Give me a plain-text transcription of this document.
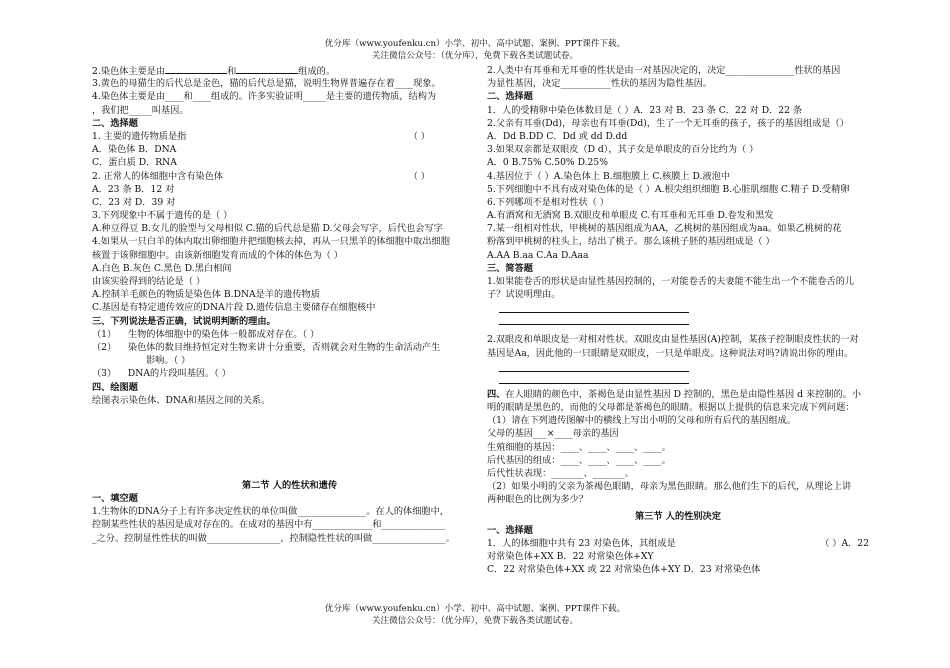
优分库（www.youfenku.cn）小学、初中、高中试题、案例、PPT课件下载。
关注微信公众号：（优分库），免费下载各类试题试卷。

2.染色体主要是由	和	组成的。

3.黄色的母猫生的后代总是金色，猫的后代总是猫，说明生物界普遍存在着____现象。

4.染色体主要是由____和____组成的。许多实验证明_____是主要的遗传物质，结构为

，我们把_____叫基因。

二、选择题

1. 主要的遗传物质是指	（ ）

A．染色体 B．DNA

C．蛋白质 D．RNA

2. 正常人的体细胞中含有染色体	（ ）

A．23 条 B．12 对

C．23 对 D．39 对

3.下列现象中不属于遗传的是（ ）

A.种豆得豆 B.女儿的脸型与父母相似 C.猫的后代总是猫 D.父母会写字，后代也会写字

4.如果从一只白羊的体内取出卵细胞并把细胞核去掉，再从一只黑羊的体细胞中取出细胞

核置于该卵细胞中。由该新细胞发育而成的个体的体色为（ ）

A.白色 B.灰色 C.黑色 D.黑白相间

由该实验得到的结论是（ ）

A.控制羊毛颜色的物质是染色体 B.DNA是羊的遗传物质

C.基因是有特定遗传效应的DNA片段 D.遗传信息主要储存在细胞核中

三、下列说法是否正确，试说明判断的理由。

（1） 生物的体细胞中的染色体一般都成对存在。（ ）

（2） 染色体的数目维持恒定对生物来讲十分重要，否则就会对生物的生命活动产生

影响。（ ）

（3） DNA的片段叫基因。（ ）

四、绘图题

绘图表示染色体、DNA和基因之间的关系。

第二节 人的性状和遗传

一、填空题

1.生物体的DNA分子上有许多决定性状的单位叫做_______________。在人的体细胞中，

控制某些性状的基因是成对存在的。在成对的基因中有_____________和______________

_之分。控制显性性状的叫做________________，控制隐性性状的叫做________________。

2.人类中有耳垂和无耳垂的性状是由一对基因决定的，决定_______________性状的基因

为显性基因，决定___________性状的基因为隐性基因。

二、选择题

1．人的受精卵中染色体数目是（ ）A．23 对 B．23 条 C．22 对 D．22 条

2.父亲有耳垂(Dd)，母亲也有耳垂(Dd)，生了一个无耳垂的孩子，孩子的基因组成是（）

A．Dd B.DD C．Dd 或 dd D.dd

3.如果双亲都是双眼皮（D d），其子女是单眼皮的百分比约为（ ）

A．0 B.75% C.50% D.25%

4.基因位于（ ）A.染色体上 B.细胞膜上 C.核膜上 D.液泡中

5.下列细胞中不具有成对染色体的是（ ）A.根尖组织细胞 B.心脏肌细胞 C.精子 D.受精卵

6.下列哪项不是相对性状（ ）

A.有酒窝和无酒窝 B.双眼皮和单眼皮 C.有耳垂和无耳垂 D.卷发和黑发

7.某一组相对性状，甲桃树的基因组成为AA，乙桃树的基因组成为aa。如果乙桃树的花

粉落到甲桃树的柱头上，结出了桃子。那么该桃子胚的基因组成是（ ）

A.AA B.aa C.Aa D.Aaa

三、简答题

1.如果能卷舌的形状是由显性基因控制的，一对能卷舌的夫妻能不能生出一个不能卷舌的儿

子？试说明理由。

2.双眼皮和单眼皮是一对相对性状。双眼皮由显性基因(A)控制，某孩子控制眼皮性状的一对

基因是Aa，因此他的一只眼睛是双眼皮，一只是单眼皮。这种说法对吗?请说出你的理由。

四、在人眼睛的颜色中，茶褐色是由显性基因 D 控制的，黑色是由隐性基因 d 来控制的。小

明的眼睛是黑色的，而他的父母都是茶褐色的眼睛。根据以上提供的信息来完成下列问题：

（1）请在下列遗传图解中的横线上写出小明的父母和所有后代的基因组成。

父母的基因___×____母亲的基因

生殖细胞的基因：____、____、____、____。

后代基因的组成：____、____、____、____。

后代性状表现：_______、_______。

（2）如果小明的父亲为茶褐色眼睛，母亲为黑色眼睛。那么他们生下的后代，从理论上讲

两种眼色的比例为多少？

第三节 人的性别决定

一、选择题

1．人的体细胞中共有 23 对染色体，其组成是	（ ）A．22

对常染色体+XX B．22 对常染色体+XY

C．22 对常染色体+XX 或 22 对常染色体+XY D．23 对常染色体

优分库（www.youfenku.cn）小学、初中、高中试题、案例、PPT课件下载。
关注微信公众号：（优分库），免费下载各类试题试卷。
